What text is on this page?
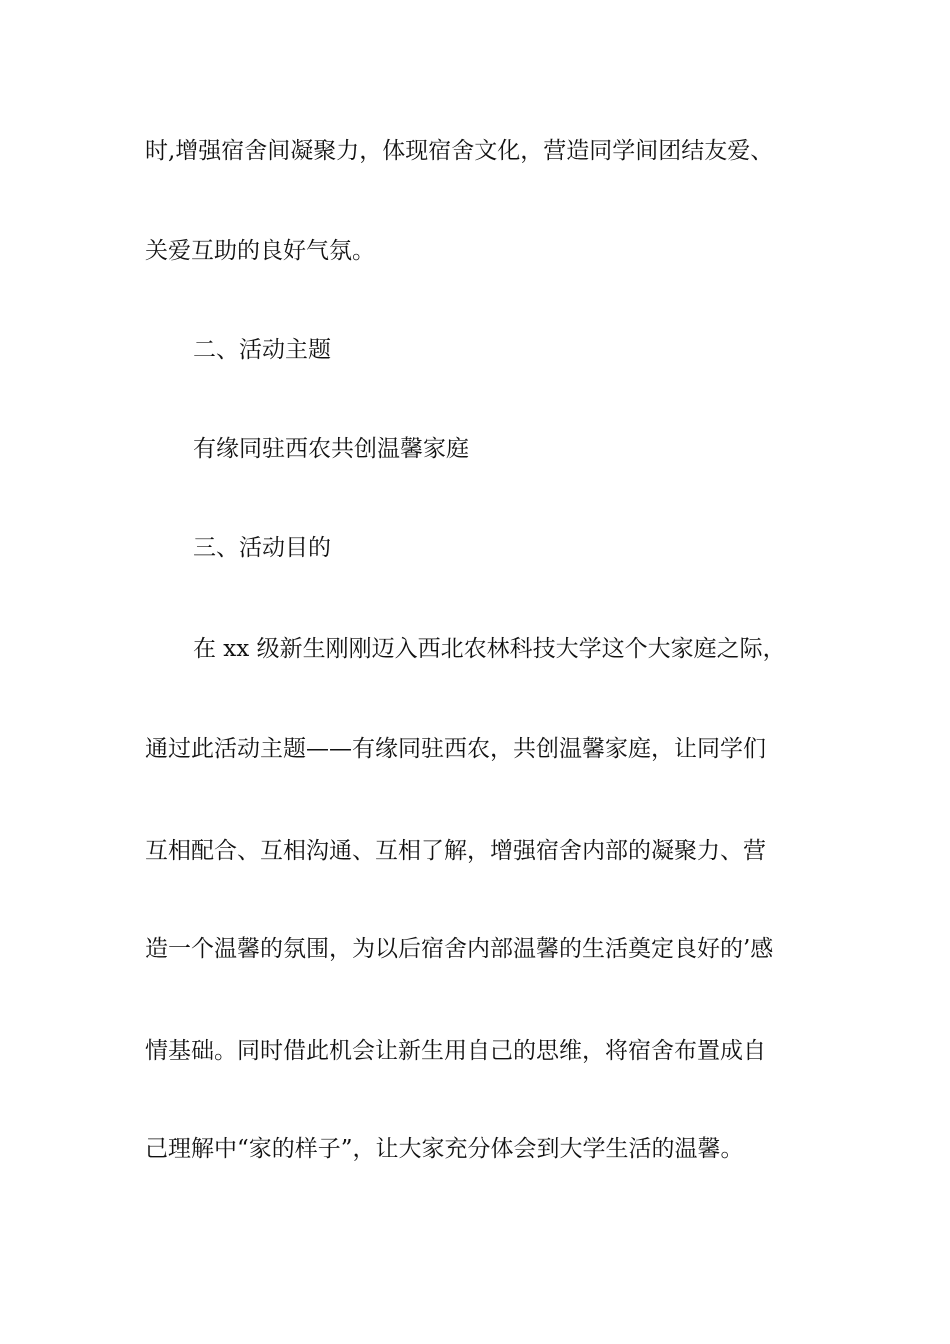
时,增强宿舍间凝聚力，体现宿舍文化，营造同学间团结友爱、
关爱互助的良好气氛。
二、活动主题
有缘同驻西农共创温馨家庭
三、活动目的
在 xx 级新生刚刚迈入西北农林科技大学这个大家庭之际，
通过此活动主题——有缘同驻西农，共创温馨家庭，让同学们
互相配合、互相沟通、互相了解，增强宿舍内部的凝聚力、营
造一个温馨的氛围，为以后宿舍内部温馨的生活奠定良好的’感
情基础。同时借此机会让新生用自己的思维，将宿舍布置成自
己理解中“家的样子”，让大家充分体会到大学生活的温馨。
